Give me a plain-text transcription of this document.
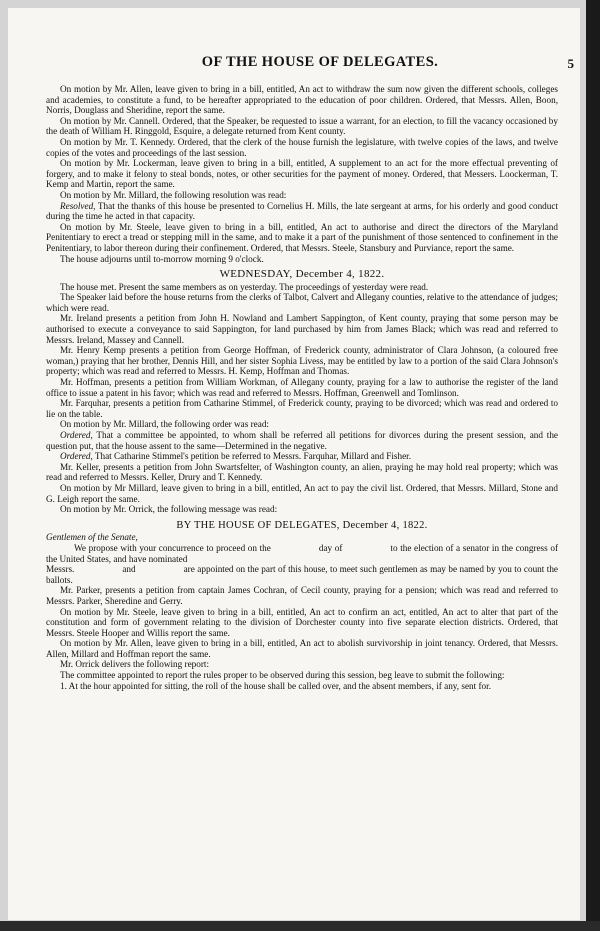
OF THE HOUSE OF DELEGATES.	5

On motion by Mr. Allen, leave given to bring in a bill, entitled, An act to withdraw the sum now given the different schools, colleges and academies, to constitute a fund, to be hereafter appropriated to the education of poor children. Ordered, that Messrs. Allen, Boon, Norris, Douglass and Sheridine, report the same.

On motion by Mr. Cannell. Ordered, that the Speaker, be requested to issue a warrant, for an election, to fill the vacancy occasioned by the death of William H. Ringgold, Esquire, a delegate returned from Kent county.

On motion by Mr. T. Kennedy. Ordered, that the clerk of the house furnish the legislature, with twelve copies of the laws, and twelve copies of the votes and proceedings of the last session.

On motion by Mr. Lockerman, leave given to bring in a bill, entitled, A supplement to an act for the more effectual preventing of forgery, and to make it felony to steal bonds, notes, or other securities for the payment of money. Ordered, that Messers. Loockerman, T. Kemp and Martin, report the same.

On motion by Mr. Millard, the following resolution was read:

Resolved, That the thanks of this house be presented to Cornelius H. Mills, the late sergeant at arms, for his orderly and good conduct during the time he acted in that capacity.

On motion by Mr. Steele, leave given to bring in a bill, entitled, An act to authorise and direct the directors of the Maryland Penitentiary to erect a tread or stepping mill in the same, and to make it a part of the punishment of those sentenced to confinement in the Penitentiary, to labor thereon during their confinement. Ordered, that Messrs. Steele, Stansbury and Purviance, report the same.

The house adjourns until to-morrow morning 9 o'clock.

WEDNESDAY, December 4, 1822.

The house met. Present the same members as on yesterday. The proceedings of yesterday were read.

The Speaker laid before the house returns from the clerks of Talbot, Calvert and Allegany counties, relative to the attendance of judges; which were read.

Mr. Ireland presents a petition from John H. Nowland and Lambert Sappington, of Kent county, praying that some person may be authorised to execute a conveyance to said Sappington, for land purchased by him from James Black; which was read and referred to Messrs. Ireland, Massey and Cannell.

Mr. Henry Kemp presents a petition from George Hoffman, of Frederick county, administrator of Clara Johnson, (a coloured free woman,) praying that her brother, Dennis Hill, and her sister Sophia Livess, may be entitled by law to a portion of the said Clara Johnson's property; which was read and referred to Messrs. H. Kemp, Hoffman and Thomas.

Mr. Hoffman, presents a petition from William Workman, of Allegany county, praying for a law to authorise the register of the land office to issue a patent in his favor; which was read and referred to Messrs. Hoffman, Greenwell and Tomlinson.

Mr. Farquhar, presents a petition from Catharine Stimmel, of Frederick county, praying to be divorced; which was read and ordered to lie on the table.

On motion by Mr. Millard, the following order was read:

Ordered, That a committee be appointed, to whom shall be referred all petitions for divorces during the present session, and the question put, that the house assent to the same—Determined in the negative.

Ordered, That Catharine Stimmel's petition be referred to Messrs. Farquhar, Millard and Fisher.

Mr. Keller, presents a petition from John Swartsfelter, of Washington county, an alien, praying he may hold real property; which was read and referred to Messrs. Keller, Drury and T. Kennedy.

On motion by Mr Millard, leave given to bring in a bill, entitled, An act to pay the civil list. Ordered, that Messrs. Millard, Stone and G. Leigh report the same.

On motion by Mr. Orrick, the following message was read:

BY THE HOUSE OF DELEGATES, December 4, 1822.

Gentlemen of the Senate,

We propose with your concurrence to proceed on the	day of	to the election of a senator in the congress of the United States, and have nominated

Messrs.	and	are appointed on the part of this house, to meet such gentlemen as may be named by you to count the ballots.

Mr. Parker, presents a petition from captain James Cochran, of Cecil county, praying for a pension; which was read and referred to Messrs. Parker, Sheredine and Gerry.

On motion by Mr. Steele, leave given to bring in a bill, entitled, An act to confirm an act, entitled, An act to alter that part of the constitution and form of government relating to the division of Dorchester county into five separate election districts. Ordered, that Messrs. Steele Hooper and Willis report the same.

On motion by Mr. Allen, leave given to bring in a bill, entitled, An act to abolish survivorship in joint tenancy. Ordered, that Messrs. Allen, Millard and Hoffman report the same.

Mr. Orrick delivers the following report:

The committee appointed to report the rules proper to be observed during this session, beg leave to submit the following:

1. At the hour appointed for sitting, the roll of the house shall be called over, and the absent members, if any, sent for.
